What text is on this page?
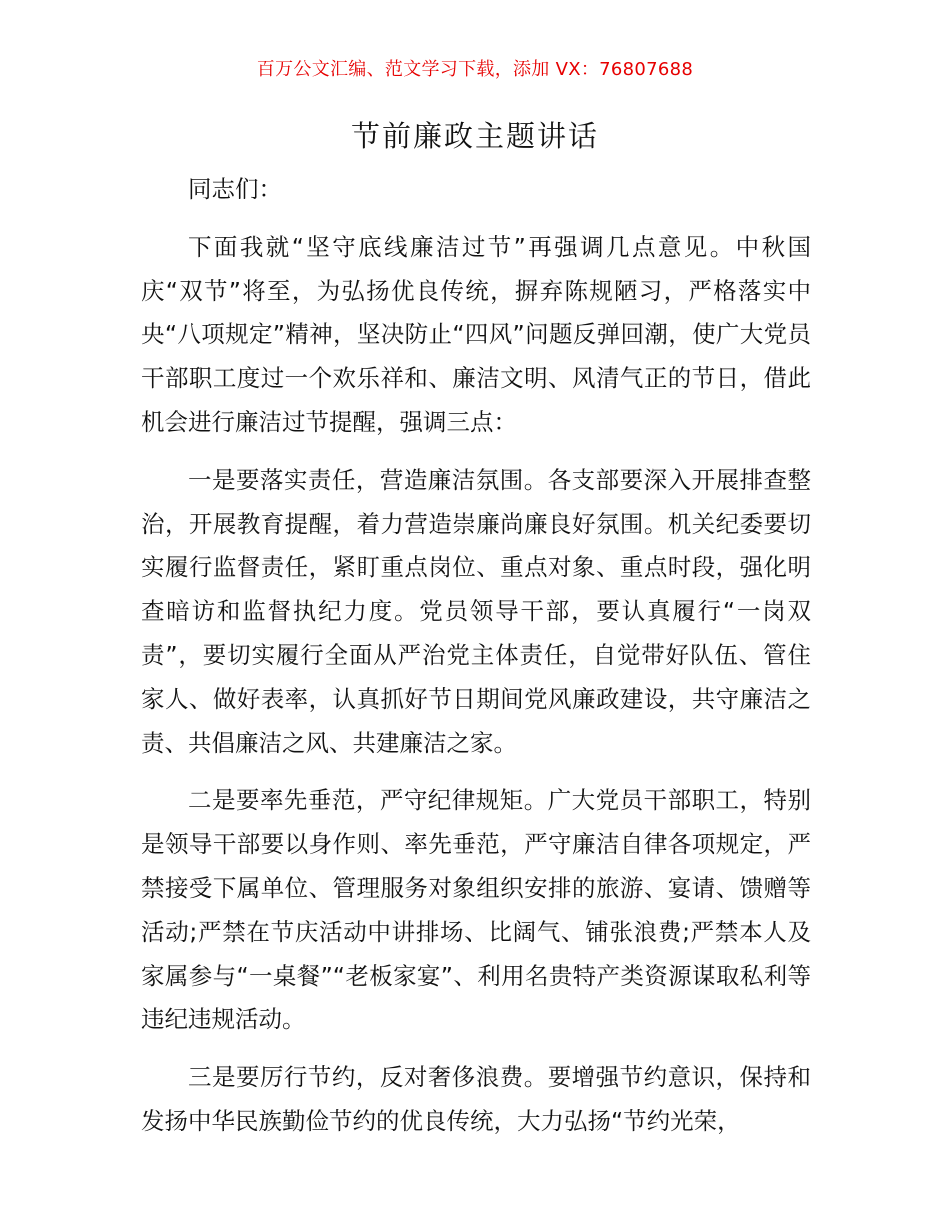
百万公文汇编、范文学习下载，添加 VX：76807688
节前廉政主题讲话

同志们：

下面我就“坚守底线廉洁过节”再强调几点意见。中秋国庆“双节”将至，为弘扬优良传统，摒弃陈规陋习，严格落实中央“八项规定”精神，坚决防止“四风”问题反弹回潮，使广大党员干部职工度过一个欢乐祥和、廉洁文明、风清气正的节日，借此机会进行廉洁过节提醒，强调三点：

一是要落实责任，营造廉洁氛围。各支部要深入开展排查整治，开展教育提醒，着力营造崇廉尚廉良好氛围。机关纪委要切实履行监督责任，紧盯重点岗位、重点对象、重点时段，强化明查暗访和监督执纪力度。党员领导干部，要认真履行“一岗双责”，要切实履行全面从严治党主体责任，自觉带好队伍、管住家人、做好表率，认真抓好节日期间党风廉政建设，共守廉洁之责、共倡廉洁之风、共建廉洁之家。

二是要率先垂范，严守纪律规矩。广大党员干部职工，特别是领导干部要以身作则、率先垂范，严守廉洁自律各项规定，严禁接受下属单位、管理服务对象组织安排的旅游、宴请、馈赠等活动;严禁在节庆活动中讲排场、比阔气、铺张浪费;严禁本人及家属参与“一桌餐”“老板家宴”、利用名贵特产类资源谋取私利等违纪违规活动。

三是要厉行节约，反对奢侈浪费。要增强节约意识，保持和发扬中华民族勤俭节约的优良传统，大力弘扬“节约光荣，
